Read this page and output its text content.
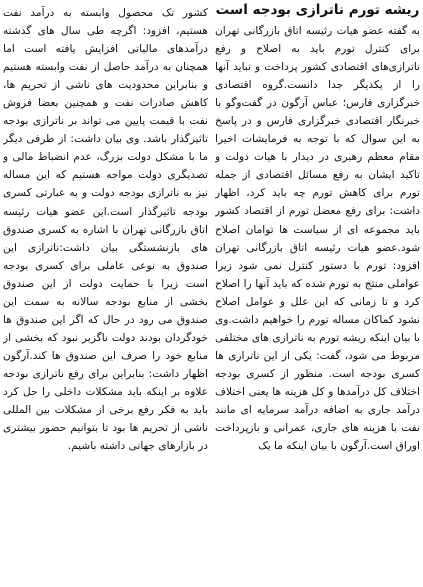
ریشه تورم ناترازی بودجه است

به گفته عضو هیات رئیسه اتاق بازرگانی تهران برای کنترل تورم باید به اصلاح و رفع ناترازی‌های اقتصادی کشور پرداخت و نباید آنها را از یکدیگر جدا دانست.گروه اقتصادی خبرگزاری فارس؛ عباس آرگون در گفت‌وگو با خبرنگار اقتصادی خبرگزاری فارس و در پاسخ به این سوال که با توجه به فرمایشات اخیرا مقام معظم رهبری در دیدار با هیات دولت و تاکید ایشان به رفع مسائل اقتصادی از جمله تورم برای کاهش تورم چه باید کرد، اظهار داشت: برای رفع معضل تورم از اقتصاد کشور باید مجموعه ای از سیاست ها توامان اصلاح شود.عضو هیات رئیسه اتاق بازرگانی تهران افزود: تورم با دستور کنترل نمی شود زیرا عواملی منتج به تورم شده که باید آنها را اصلاح کرد و تا زمانی که این علل و عوامل اصلاح نشود کماکان مساله تورم را خواهیم داشت.وی با بیان اینکه ریشه تورم به ناترازی های مختلفی مربوط می شود، گفت: یکی از این ناترازی ها کسری بودجه است. منظور از کسری بودجه اختلاف کل درآمدها و کل هزینه ها یعنی اختلاف درآمد جاری به اضافه درآمد سرمایه ای مانند نفت با هزینه های جاری، عمرانی و بازپرداخت اوراق است.آرگون با بیان اینکه ما یک

کشور تک محصول وابسته به درآمد نفت هستیم، افزود: اگرچه طی سال های گذشته درآمدهای مالیاتی افزایش یافته است اما همچنان به درآمد حاصل از نفت وابسته هستیم و بنابراین محدودیت های ناشی از تحریم ها، کاهش صادرات نفت و همچنین بعضا فروش نفت با قیمت پایین می تواند بر ناترازی بودجه تاثیرگذار باشد. وی بیان داشت: از طرفی دیگر ما با مشکل دولت بزرگ، عدم انضباط مالی و تصدیگری دولت مواجه هستیم که این مساله نیز به ناترازی بودجه دولت و به عبارتی کسری بودجه تاثیرگذار است.این عضو هیات رئیسه اتاق بازرگانی تهران با اشاره به کسری صندوق های بازنشستگی بیان داشت:ناترازی این صندوق به نوعی عاملی برای کسری بودجه است زیرا با حمایت دولت از این صندوق بخشی از منابع بودجه سالانه به سمت این صندوق می رود در حال که اگر این صندوق ها خودگردان بودند دولت ناگزیر نبود که بخشی از منابع خود را صرف این صندوق ها کند.آرگون اظهار داشت: بنابراین برای رفع ناترازی بودجه علاوه بر اینکه باید مشکلات داخلی را حل کرد باید به فکر رفع برخی از مشکلات بین المللی ناشی از تحریم ها بود تا بتوانیم حضور بیشتری در بازارهای جهانی داشته باشیم.
